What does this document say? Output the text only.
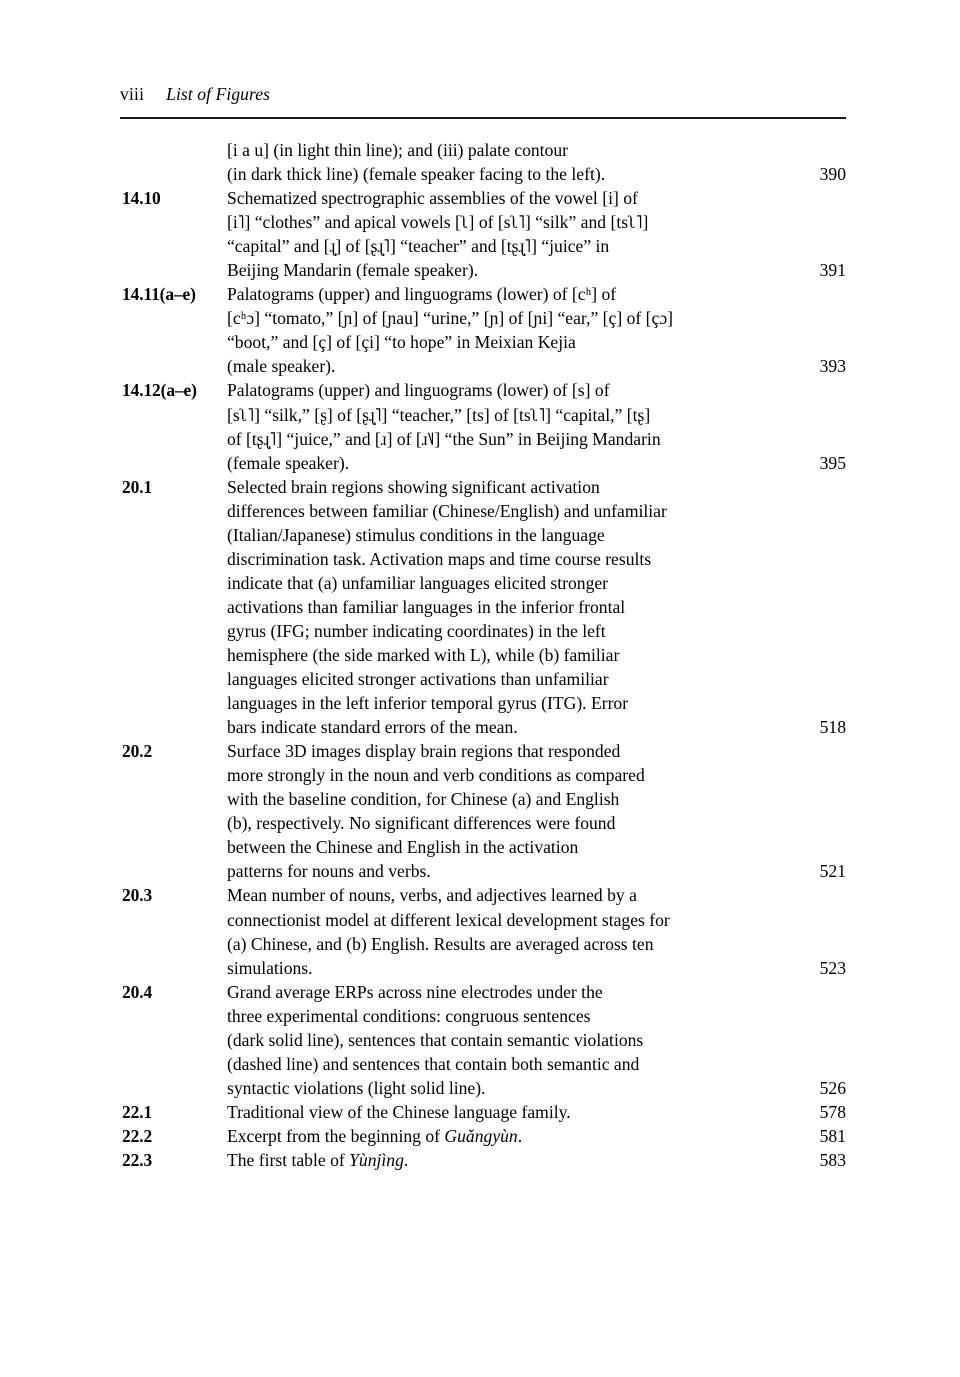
viii List of Figures
[i a u] (in light thin line); and (iii) palate contour
(in dark thick line) (female speaker facing to the left).	390
14.10	Schematized spectrographic assemblies of the vowel [i] of
[i˥] “clothes” and apical vowels [ʅ] of [sʅ˥] “silk” and [tsʅ˥]
“capital” and [ɻ̩] of [ʂɻ̩˥] “teacher” and [tʂɻ̩˥] “juice” in
Beijing Mandarin (female speaker).	391
14.11(a–e) Palatograms (upper) and linguograms (lower) of [cʰ] of
[cʰɔ] “tomato,” [ɲ] of [ɲau] “urine,” [ɲ] of [ɲi] “ear,” [ç] of [çɔ]
“boot,” and [ç] of [çi] “to hope” in Meixian Kejia
(male speaker).	393
14.12(a–e) Palatograms (upper) and linguograms (lower) of [s] of
[sʅ˥] “silk,” [ʂ] of [ʂɻ̩˥] “teacher,” [ts] of [tsʅ˥] “capital,” [tʂ]
of [tʂɻ̩˥] “juice,” and [ɹ] of [ɹ˥˩] “the Sun” in Beijing Mandarin
(female speaker).	395
20.1	Selected brain regions showing significant activation
differences between familiar (Chinese/English) and unfamiliar
(Italian/Japanese) stimulus conditions in the language
discrimination task. Activation maps and time course results
indicate that (a) unfamiliar languages elicited stronger
activations than familiar languages in the inferior frontal
gyrus (IFG; number indicating coordinates) in the left
hemisphere (the side marked with L), while (b) familiar
languages elicited stronger activations than unfamiliar
languages in the left inferior temporal gyrus (ITG). Error
bars indicate standard errors of the mean.	518
20.2	Surface 3D images display brain regions that responded
more strongly in the noun and verb conditions as compared
with the baseline condition, for Chinese (a) and English
(b), respectively. No significant differences were found
between the Chinese and English in the activation
patterns for nouns and verbs.	521
20.3	Mean number of nouns, verbs, and adjectives learned by a
connectionist model at different lexical development stages for
(a) Chinese, and (b) English. Results are averaged across ten
simulations.	523
20.4	Grand average ERPs across nine electrodes under the
three experimental conditions: congruous sentences
(dark solid line), sentences that contain semantic violations
(dashed line) and sentences that contain both semantic and
syntactic violations (light solid line).	526
22.1	Traditional view of the Chinese language family.	578
22.2	Excerpt from the beginning of Guǎngyùn.	581
22.3	The first table of Yùnjìng.	583
